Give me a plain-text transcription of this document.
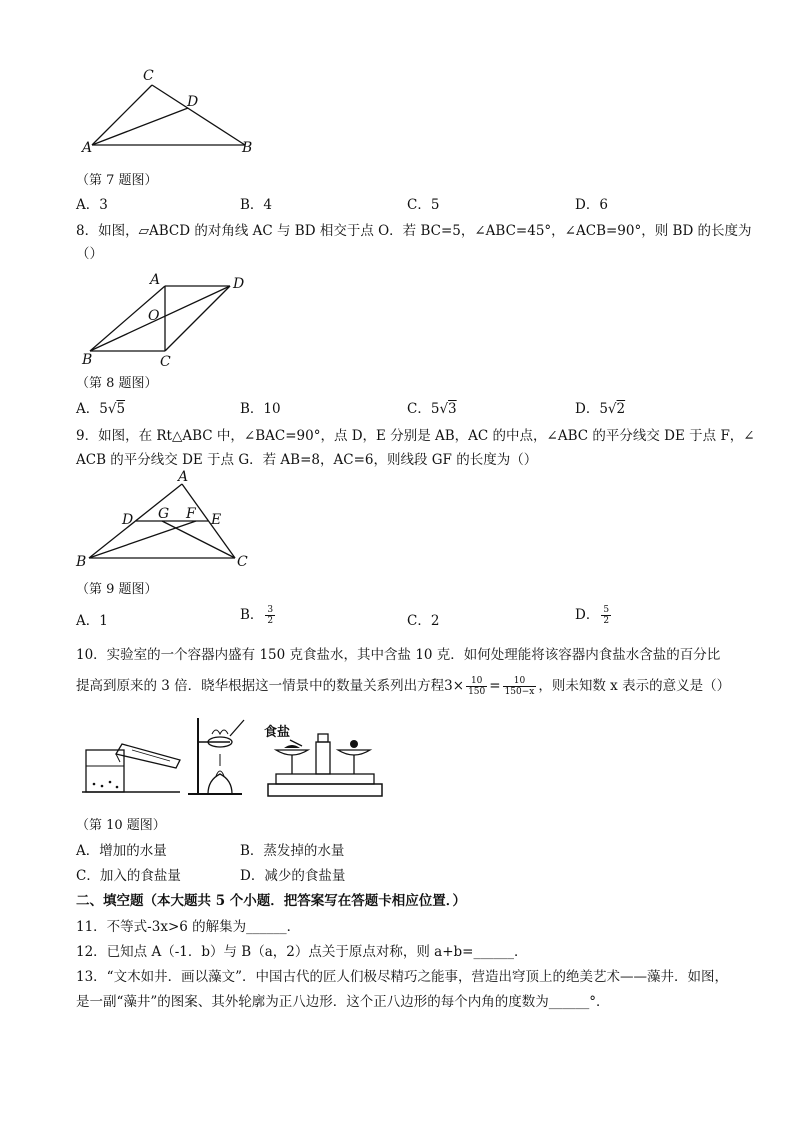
C
D
A	B
（第 7 题图）
A．3	B．4	C．5	D．6
8．如图，▱ABCD 的对角线 AC 与 BD 相交于点 O．若 BC=5，∠ABC=45°，∠ACB=90°，则 BD 的长度为
（）
A	D
O
B	C
（第 8 题图）
A．5√5	B．10	C．5√3	D．5√2
9．如图，在 Rt△ABC 中，∠BAC=90°，点 D，E 分别是 AB，AC 的中点，∠ABC 的平分线交 DE 于点 F，∠
ACB 的平分线交 DE 于点 G．若 AB=8，AC=6，则线段 GF 的长度为（）
A
D G F E
B	C
（第 9 题图）
A．1	B． $\frac{3}{2}$	C．2	D． $\frac{5}{2}$
10．实验室的一个容器内盛有 150 克食盐水，其中含盐 10 克．如何处理能将该容器内食盐水含盐的百分比
提高到原来的 3 倍．晓华根据这一情景中的数量关系列出方程$3\times \frac{10}{150} = \frac{10}{150-x}$ ，则未知数 x 表示的意义是（）
食盐
（第 10 题图）
A．增加的水量	B．蒸发掉的水量
C．加入的食盐量	D．减少的食盐量
二、填空题（本大题共 5 个小题．把答案写在答题卡相应位置．）
11．不等式-3x>6 的解集为______．
12．已知点 A（-1．b）与 B（a，2）点关于原点对称，则 a+b=______．
13．“文木如井．画以藻文”．中国古代的匠人们极尽精巧之能事，营造出穹顶上的绝美艺术——藻井．如图，
是一副“藻井”的图案、其外轮廓为正八边形．这个正八边形的每个内角的度数为______°．
